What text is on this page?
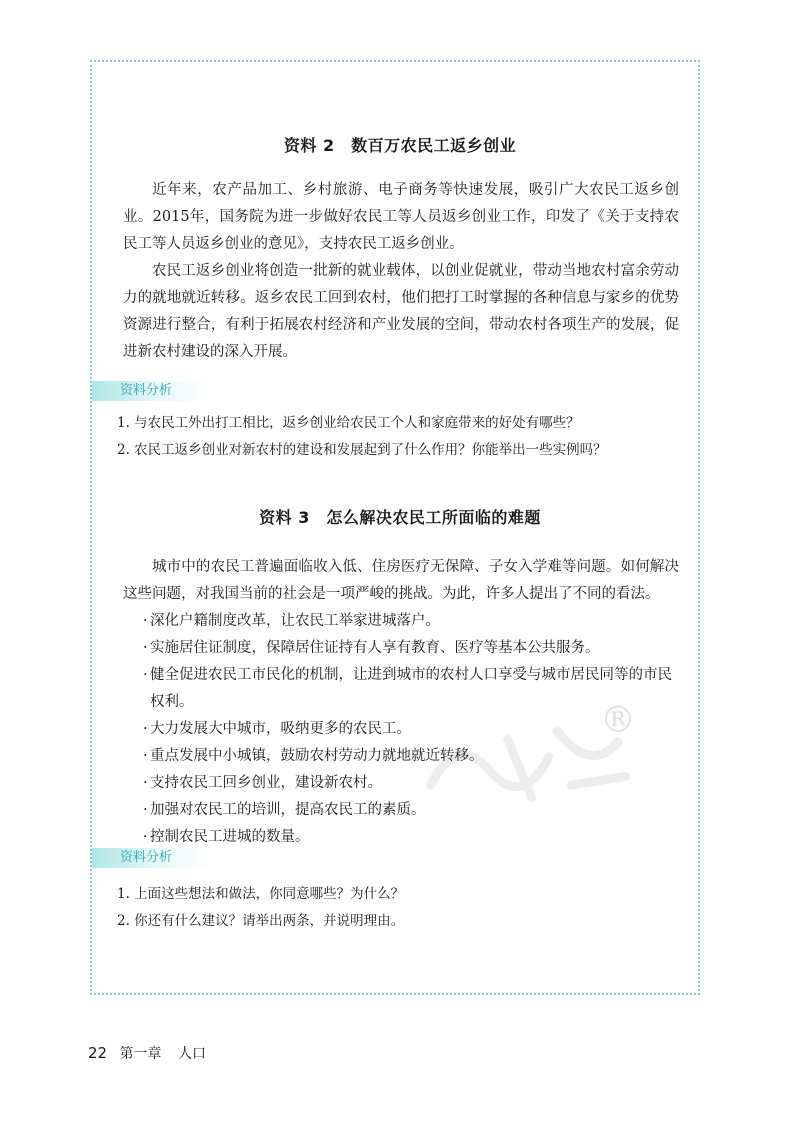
®
资料 2　数百万农民工返乡创业

近年来，农产品加工、乡村旅游、电子商务等快速发展，吸引广大农民工返乡创业。2015年，国务院为进一步做好农民工等人员返乡创业工作，印发了《关于支持农民工等人员返乡创业的意见》，支持农民工返乡创业。

农民工返乡创业将创造一批新的就业载体，以创业促就业，带动当地农村富余劳动力的就地就近转移。返乡农民工回到农村，他们把打工时掌握的各种信息与家乡的优势资源进行整合，有利于拓展农村经济和产业发展的空间，带动农村各项生产的发展，促进新农村建设的深入开展。

资料分析
1. 与农民工外出打工相比，返乡创业给农民工个人和家庭带来的好处有哪些？
2. 农民工返乡创业对新农村的建设和发展起到了什么作用？你能举出一些实例吗？
资料 3　怎么解决农民工所面临的难题

城市中的农民工普遍面临收入低、住房医疗无保障、子女入学难等问题。如何解决这些问题，对我国当前的社会是一项严峻的挑战。为此，许多人提出了不同的看法。

· 深化户籍制度改革，让农民工举家进城落户。
· 实施居住证制度，保障居住证持有人享有教育、医疗等基本公共服务。
· 健全促进农民工市民化的机制，让进到城市的农村人口享受与城市居民同等的市民权利。
· 大力发展大中城市，吸纳更多的农民工。
· 重点发展中小城镇，鼓励农村劳动力就地就近转移。
· 支持农民工回乡创业，建设新农村。
· 加强对农民工的培训，提高农民工的素质。
· 控制农民工进城的数量。
资料分析
1. 上面这些想法和做法，你同意哪些？为什么？
2. 你还有什么建议？请举出两条，并说明理由。
22 第一章 人口
